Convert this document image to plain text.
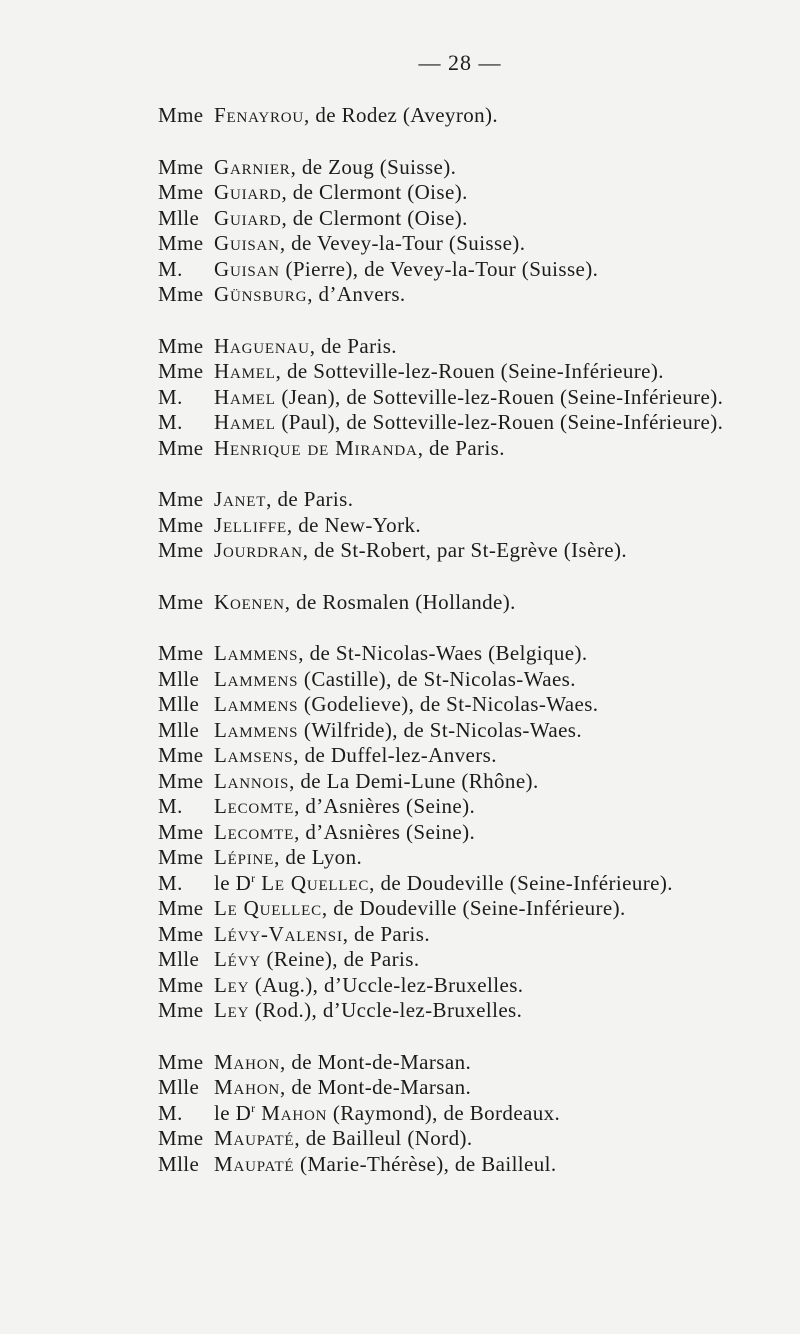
— 28 —
Mme Fenayrou, de Rodez (Aveyron).
Mme Garnier, de Zoug (Suisse).
Mme Guiard, de Clermont (Oise).
Mlle Guiard, de Clermont (Oise).
Mme Guisan, de Vevey-la-Tour (Suisse).
M.	Guisan (Pierre), de Vevey-la-Tour (Suisse).
Mme Günsburg, d’Anvers.
Mme Haguenau, de Paris.
Mme Hamel, de Sotteville-lez-Rouen (Seine-Inférieure).
M.	Hamel (Jean), de Sotteville-lez-Rouen (Seine-Inférieure).
M.	Hamel (Paul), de Sotteville-lez-Rouen (Seine-Inférieure).
Mme Henrique de Miranda, de Paris.
Mme Janet, de Paris.
Mme Jelliffe, de New-York.
Mme Jourdran, de St-Robert, par St-Egrève (Isère).
Mme Koenen, de Rosmalen (Hollande).
Mme Lammens, de St-Nicolas-Waes (Belgique).
Mlle Lammens (Castille), de St-Nicolas-Waes.
Mlle Lammens (Godelieve), de St-Nicolas-Waes.
Mlle Lammens (Wilfride), de St-Nicolas-Waes.
Mme Lamsens, de Duffel-lez-Anvers.
Mme Lannois, de La Demi-Lune (Rhône).
M.	Lecomte, d’Asnières (Seine).
Mme Lecomte, d’Asnières (Seine).
Mme Lépine, de Lyon.
M.	le $D^r$ Le Quellec, de Doudeville (Seine-Inférieure).
Mme Le Quellec, de Doudeville (Seine-Inférieure).
Mme Lévy-Valensi, de Paris.
Mlle Lévy (Reine), de Paris.
Mme Ley (Aug.), d’Uccle-lez-Bruxelles.
Mme Ley (Rod.), d’Uccle-lez-Bruxelles.
Mme Mahon, de Mont-de-Marsan.
Mlle Mahon, de Mont-de-Marsan.
M.	le $D^r$ Mahon (Raymond), de Bordeaux.
Mme Maupaté, de Bailleul (Nord).
Mlle Maupaté (Marie-Thérèse), de Bailleul.
